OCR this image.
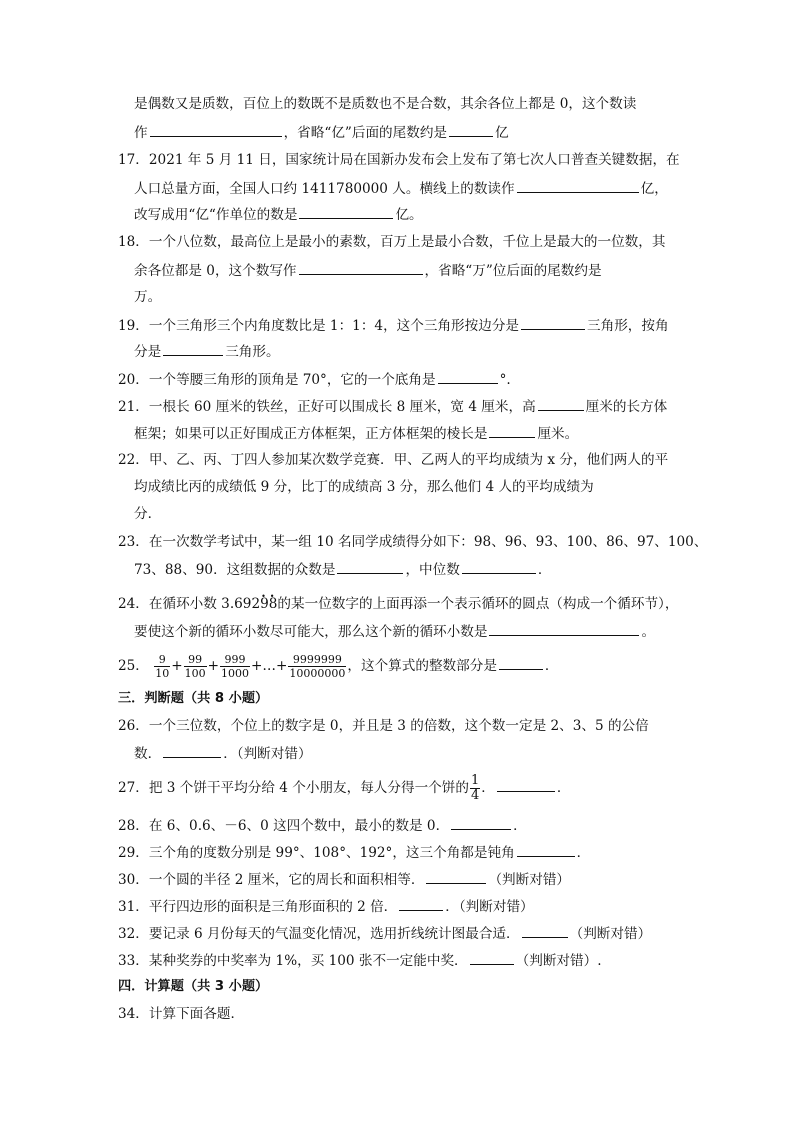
是偶数又是质数，百位上的数既不是质数也不是合数，其余各位上都是 0，这个数读
作	，省略“亿”后面的尾数约是	亿
17．2021 年 5 月 11 日，国家统计局在国新办发布会上发布了第七次人口普查关键数据，在
人口总量方面，全国人口约 1411780000 人。横线上的数读作	亿，
改写成用“亿“作单位的数是	亿。
18．一个八位数，最高位上是最小的素数，百万上是最小合数，千位上是最大的一位数，其
余各位都是 0，这个数写作	，省略“万”位后面的尾数约是
万。
19．一个三角形三个内角度数比是 1：1：4，这个三角形按边分是	三角形，按角
分是	三角形。
20．一个等腰三角形的顶角是 70°，它的一个底角是	°.
21．一根长 60 厘米的铁丝，正好可以围成长 8 厘米，宽 4 厘米，高	厘米的长方体
框架；如果可以正好围成正方体框架，正方体框架的棱长是	厘米。
22．甲、乙、丙、丁四人参加某次数学竞赛．甲、乙两人的平均成绩为 x 分，他们两人的平
均成绩比丙的成绩低 9 分，比丁的成绩高 3 分，那么他们 4 人的平均成绩为
分．
23．在一次数学考试中，某一组 10 名同学成绩得分如下：98、96、93、100、86、97、100、
73、88、90．这组数据的众数是	，中位数	．
24．在循环小数 3.692• 9• 8的某一位数字的上面再添一个表示循环的圆点（构成一个循环节），
要使这个新的循环小数尽可能大，那么这个新的循环小数是	。
25． $\frac{9}{10} + \frac{99}{100} + \frac{999}{1000}$ +…+ $\frac{9999999}{10000000}$ ，这个算式的整数部分是	．
三．判断题（共 8 小题）
26．一个三位数，个位上的数字是 0，并且是 3 的倍数，这个数一定是 2、3、5 的公倍
数．	．（判断对错）
27．把 3 个饼干平均分给 4 个小朋友，每人分得一个饼的 $\frac{1}{4}$ ．	．
28．在 6、0.6、－6、0 这四个数中，最小的数是 0．	．
29．三个角的度数分别是 99°、108°、192°，这三个角都是钝角	．
30．一个圆的半径 2 厘米，它的周长和面积相等．	（判断对错）
31．平行四边形的面积是三角形面积的 2 倍．	．（判断对错）
32．要记录 6 月份每天的气温变化情况，选用折线统计图最合适．	（判断对错）
33．某种奖券的中奖率为 1%，买 100 张不一定能中奖．	（判断对错）.
四．计算题（共 3 小题）
34．计算下面各题．
